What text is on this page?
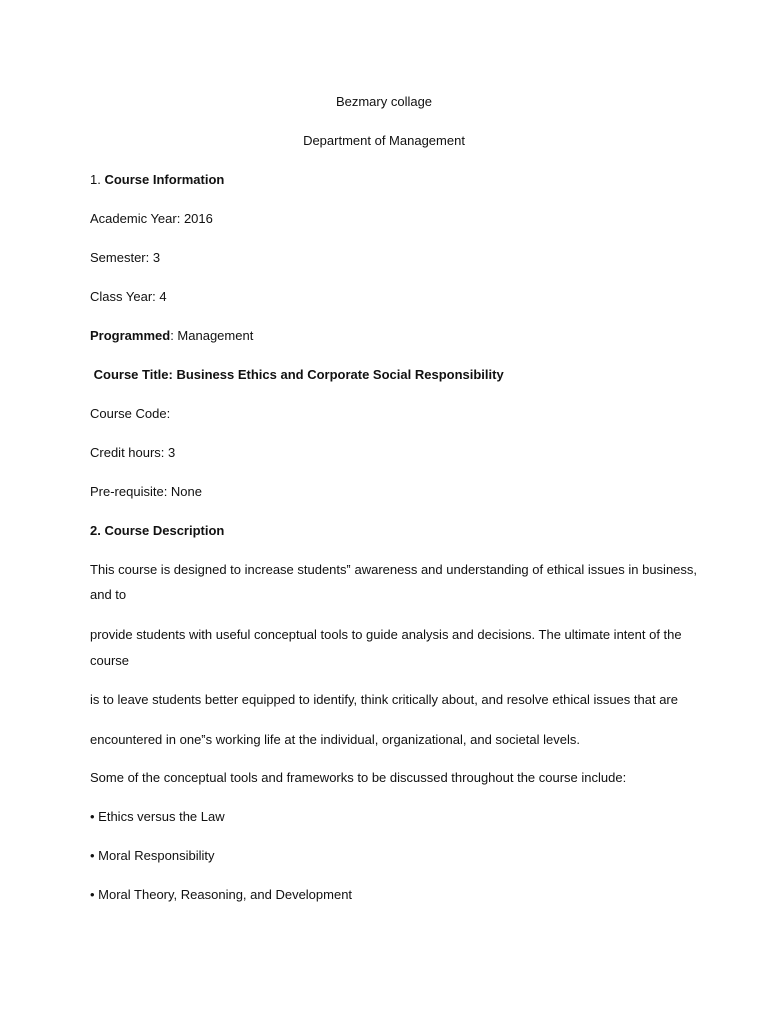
Bezmary collage
Department of Management
1. Course Information
Academic Year: 2016
Semester: 3
Class Year: 4
Programmed: Management
Course Title: Business Ethics and Corporate Social Responsibility
Course Code:
Credit hours: 3
Pre-requisite: None
2. Course Description
This course is designed to increase students‟ awareness and understanding of ethical issues in business,
and to
provide students with useful conceptual tools to guide analysis and decisions. The ultimate intent of the
course
is to leave students better equipped to identify, think critically about, and resolve ethical issues that are
encountered in one‟s working life at the individual, organizational, and societal levels.
Some of the conceptual tools and frameworks to be discussed throughout the course include:
• Ethics versus the Law
• Moral Responsibility
• Moral Theory, Reasoning, and Development
